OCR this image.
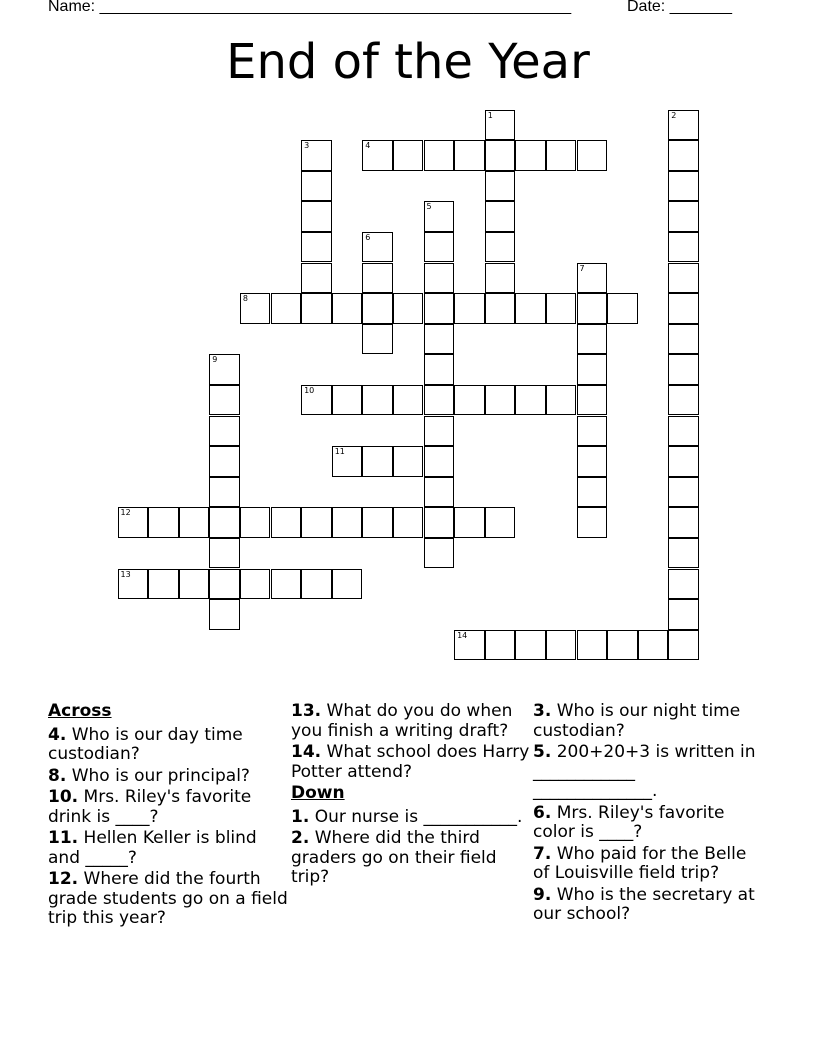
Name: _____________________________________________________	Date: _______
End of the Year
1	2
3	4
5
6
7
8
9
10
11
12
13
14
Across
4. Who is our day time custodian?
8. Who is our principal?
10. Mrs. Riley's favorite drink is ____?
11. Hellen Keller is blind and _____?
12. Where did the fourth grade students go on a field trip this year?
13. What do you do when you finish a writing draft?
14. What school does Harry Potter attend?
Down
1. Our nurse is ___________.
2. Where did the third graders go on their field trip?
3. Who is our night time custodian?
5. 200+20+3 is written in ____________ ______________.
6. Mrs. Riley's favorite color is ____?
7. Who paid for the Belle of Louisville field trip?
9. Who is the secretary at our school?
